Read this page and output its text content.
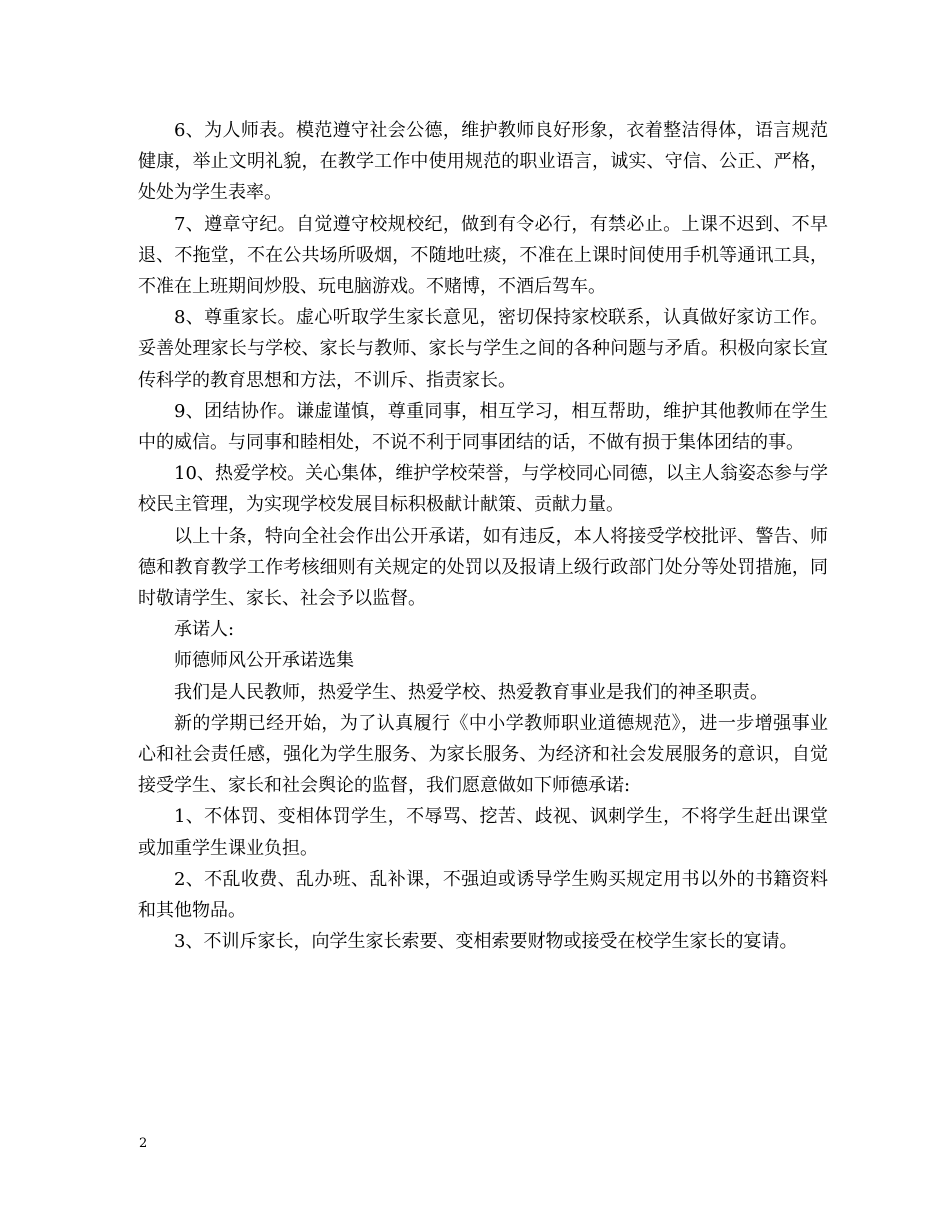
6、为人师表。模范遵守社会公德，维护教师良好形象，衣着整洁得体，语言规范健康，举止文明礼貌，在教学工作中使用规范的职业语言，诚实、守信、公正、严格，处处为学生表率。

7、遵章守纪。自觉遵守校规校纪，做到有令必行，有禁必止。上课不迟到、不早退、不拖堂，不在公共场所吸烟，不随地吐痰，不准在上课时间使用手机等通讯工具，不准在上班期间炒股、玩电脑游戏。不赌博，不酒后驾车。

8、尊重家长。虚心听取学生家长意见，密切保持家校联系，认真做好家访工作。妥善处理家长与学校、家长与教师、家长与学生之间的各种问题与矛盾。积极向家长宣传科学的教育思想和方法，不训斥、指责家长。

9、团结协作。谦虚谨慎，尊重同事，相互学习，相互帮助，维护其他教师在学生中的威信。与同事和睦相处，不说不利于同事团结的话，不做有损于集体团结的事。

10、热爱学校。关心集体，维护学校荣誉，与学校同心同德，以主人翁姿态参与学校民主管理，为实现学校发展目标积极献计献策、贡献力量。

以上十条，特向全社会作出公开承诺，如有违反，本人将接受学校批评、警告、师德和教育教学工作考核细则有关规定的处罚以及报请上级行政部门处分等处罚措施，同时敬请学生、家长、社会予以监督。

承诺人:

师德师风公开承诺选集

我们是人民教师，热爱学生、热爱学校、热爱教育事业是我们的神圣职责。

新的学期已经开始，为了认真履行《中小学教师职业道德规范》，进一步增强事业心和社会责任感，强化为学生服务、为家长服务、为经济和社会发展服务的意识，自觉接受学生、家长和社会舆论的监督，我们愿意做如下师德承诺:

1、不体罚、变相体罚学生，不辱骂、挖苦、歧视、讽刺学生，不将学生赶出课堂或加重学生课业负担。

2、不乱收费、乱办班、乱补课，不强迫或诱导学生购买规定用书以外的书籍资料和其他物品。

3、不训斥家长，向学生家长索要、变相索要财物或接受在校学生家长的宴请。

2
